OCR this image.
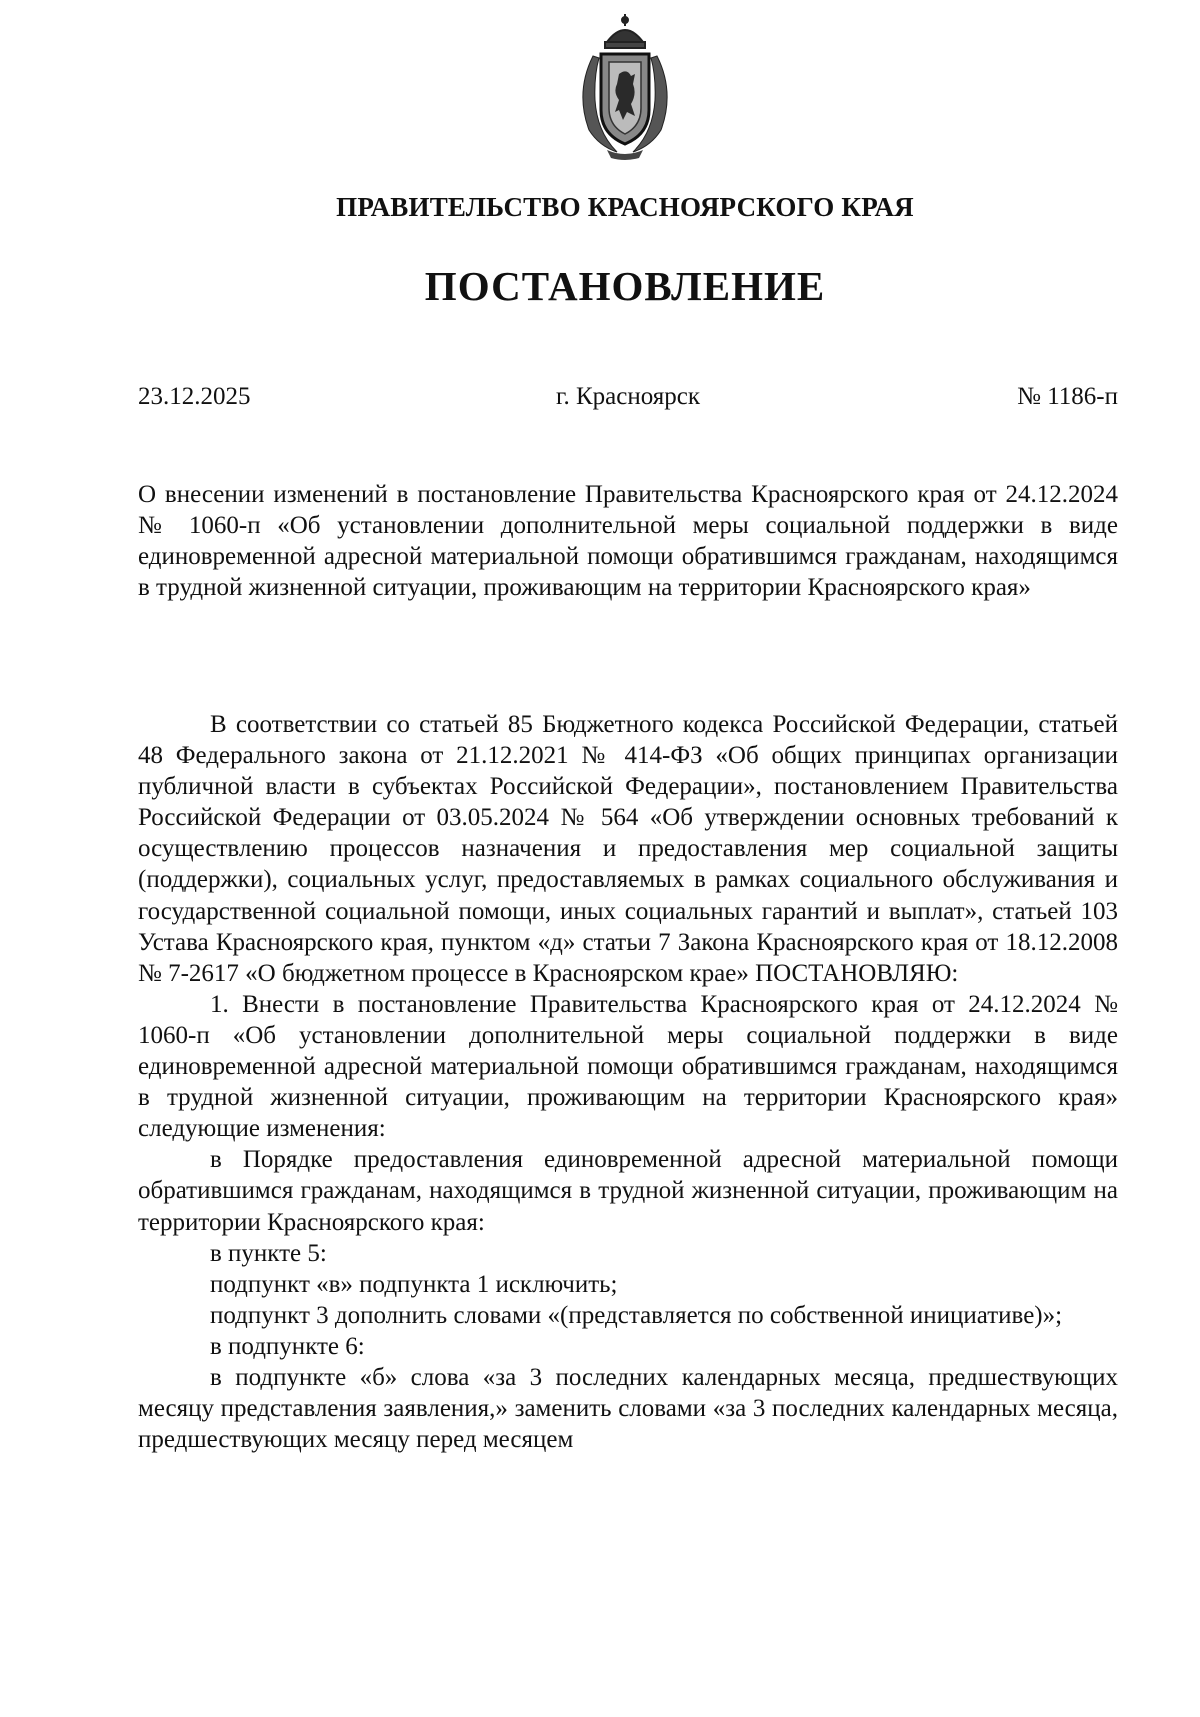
ПРАВИТЕЛЬСТВО КРАСНОЯРСКОГО КРАЯ
ПОСТАНОВЛЕНИЕ
23.12.2025	г. Красноярск	№ 1186-п

О внесении изменений в постановление Правительства Красноярского края от 24.12.2024 № 1060-п «Об установлении дополнительной меры социальной поддержки в виде единовременной адресной материальной помощи обратившимся гражданам, находящимся в трудной жизненной ситуации, проживающим на территории Красноярского края»

В соответствии со статьей 85 Бюджетного кодекса Российской Федерации, статьей 48 Федерального закона от 21.12.2021 № 414-ФЗ «Об общих принципах организации публичной власти в субъектах Российской Федерации», постановлением Правительства Российской Федерации от 03.05.2024 № 564 «Об утверждении основных требований к осуществлению процессов назначения и предоставления мер социальной защиты (поддержки), социальных услуг, предоставляемых в рамках социального обслуживания и государственной социальной помощи, иных социальных гарантий и выплат», статьей 103 Устава Красноярского края, пунктом «д» статьи 7 Закона Красноярского края от 18.12.2008 № 7-2617 «О бюджетном процессе в Красноярском крае» ПОСТАНОВЛЯЮ:

1. Внести в постановление Правительства Красноярского края от 24.12.2024 № 1060-п «Об установлении дополнительной меры социальной поддержки в виде единовременной адресной материальной помощи обратившимся гражданам, находящимся в трудной жизненной ситуации, проживающим на территории Красноярского края» следующие изменения:

в Порядке предоставления единовременной адресной материальной помощи обратившимся гражданам, находящимся в трудной жизненной ситуации, проживающим на территории Красноярского края:

в пункте 5:

подпункт «в» подпункта 1 исключить;

подпункт 3 дополнить словами «(представляется по собственной инициативе)»;

в подпункте 6:

в подпункте «б» слова «за 3 последних календарных месяца, предшествующих месяцу представления заявления,» заменить словами «за 3 последних календарных месяца, предшествующих месяцу перед месяцем
